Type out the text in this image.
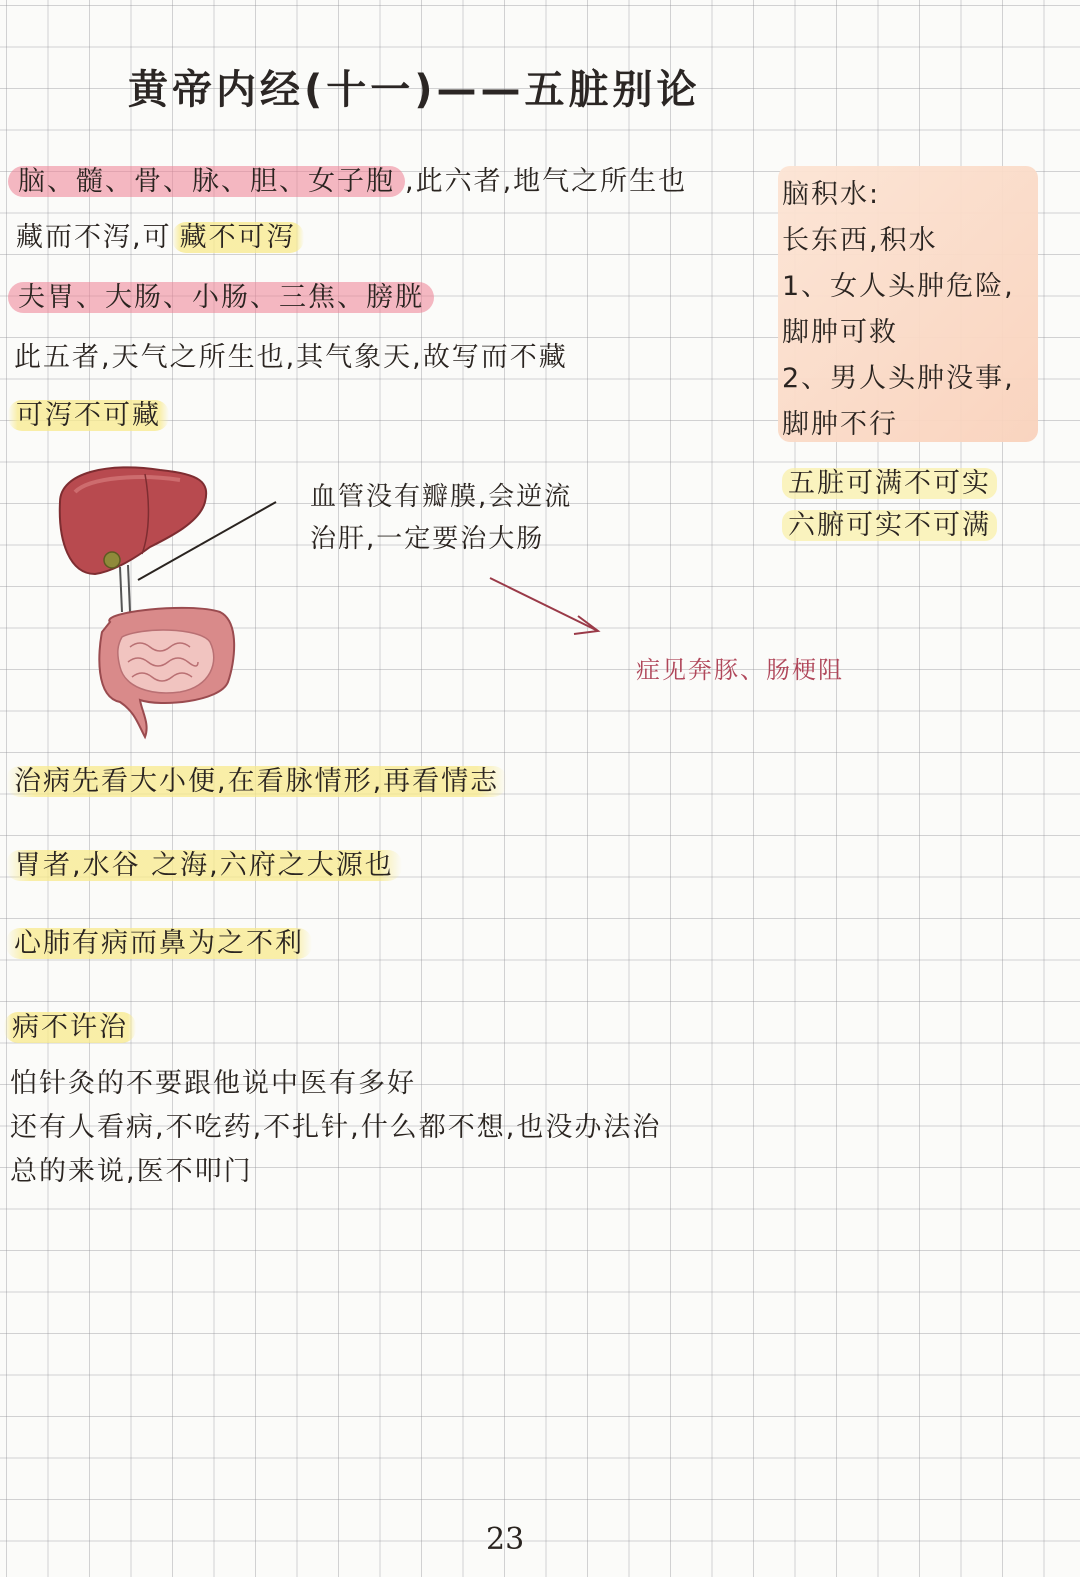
黄帝内经(十一)——五脏别论
脑、髓、骨、脉、胆、女子胞 ,此六者,地气之所生也
藏而不泻,可 藏不可泻
夫胃、大肠、小肠、三焦、膀胱
此五者,天气之所生也,其气象天,故写而不藏
可泻不可藏
脑积水:
长东西,积水
1、女人头肿危险,
脚肿可救
2、男人头肿没事,
脚肿不行
五脏可满不可实
六腑可实不可满
血管没有瓣膜,会逆流
治肝,一定要治大肠
症见奔豚、肠梗阻
治病先看大小便,在看脉情形,再看情志
胃者,水谷 之海,六府之大源也
心肺有病而鼻为之不利
病不许治
怕针灸的不要跟他说中医有多好
还有人看病,不吃药,不扎针,什么都不想,也没办法治
总的来说,医不叩门
23
